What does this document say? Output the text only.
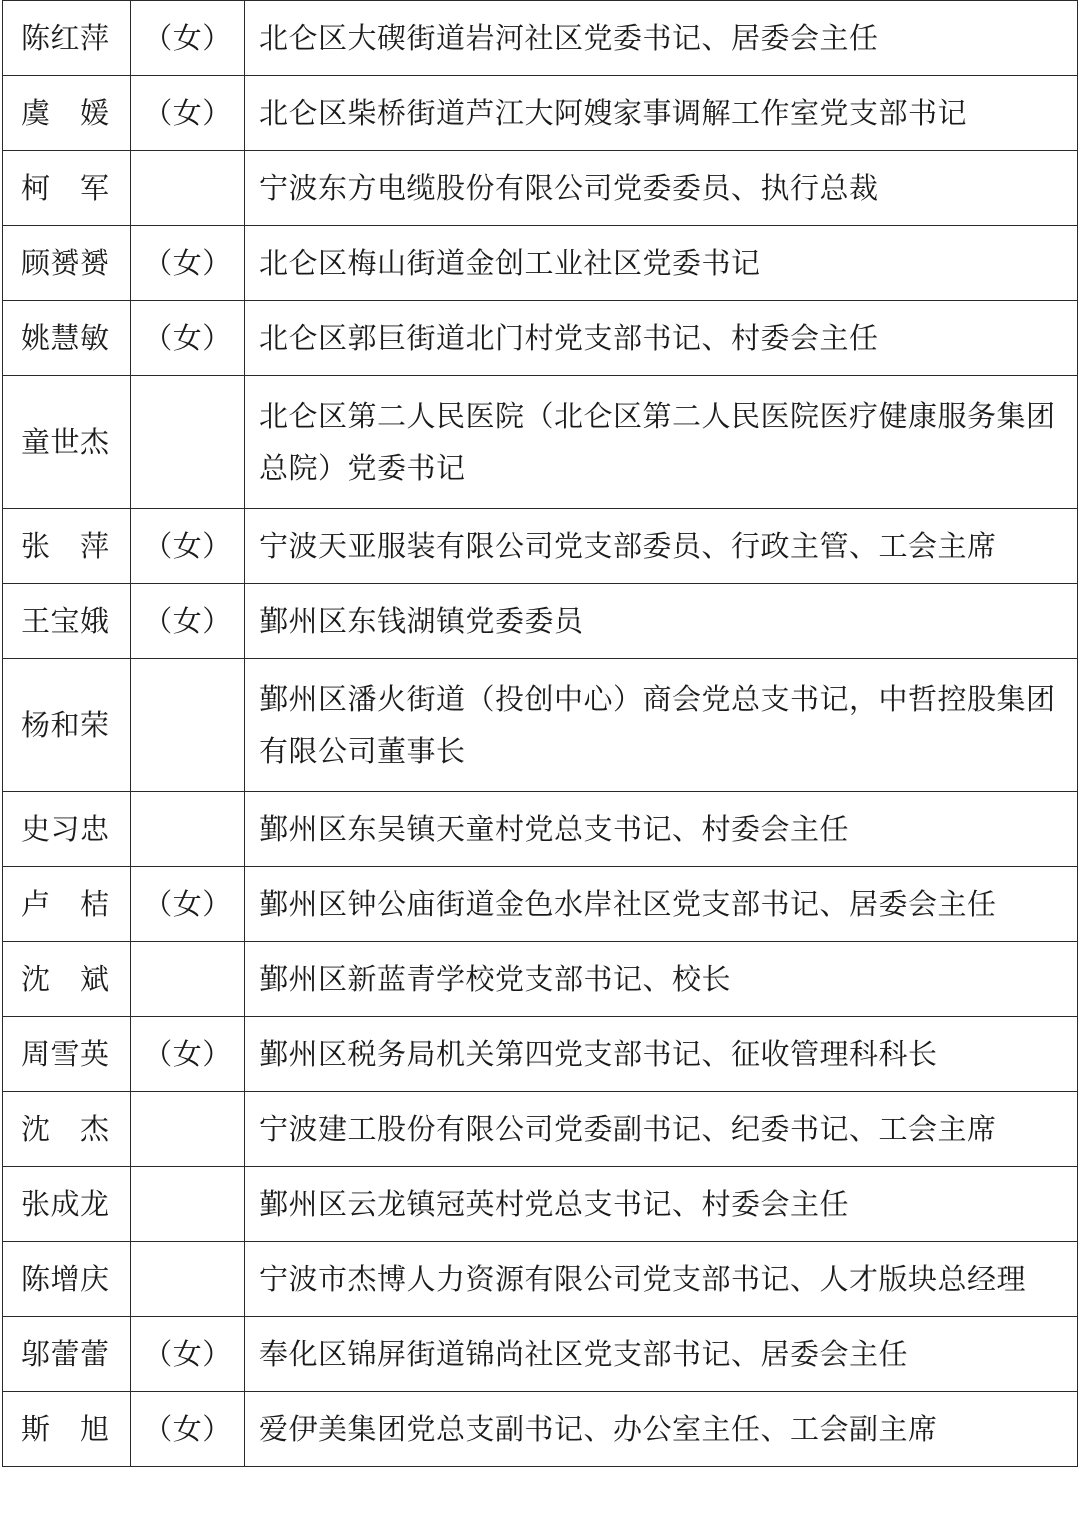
陈红萍	（女）	北仑区大碶街道岩河社区党委书记、居委会主任
虞　媛	（女）	北仑区柴桥街道芦江大阿嫂家事调解工作室党支部书记
柯　军		宁波东方电缆股份有限公司党委委员、执行总裁
顾赟赟	（女）	北仑区梅山街道金创工业社区党委书记
姚慧敏	（女）	北仑区郭巨街道北门村党支部书记、村委会主任
童世杰		北仑区第二人民医院（北仑区第二人民医院医疗健康服务集团总院）党委书记
张　萍	（女）	宁波天亚服装有限公司党支部委员、行政主管、工会主席
王宝娥	（女）	鄞州区东钱湖镇党委委员
杨和荣		鄞州区潘火街道（投创中心）商会党总支书记，中哲控股集团有限公司董事长
史习忠		鄞州区东吴镇天童村党总支书记、村委会主任
卢　桔	（女）	鄞州区钟公庙街道金色水岸社区党支部书记、居委会主任
沈　斌		鄞州区新蓝青学校党支部书记、校长
周雪英	（女）	鄞州区税务局机关第四党支部书记、征收管理科科长
沈　杰		宁波建工股份有限公司党委副书记、纪委书记、工会主席
张成龙		鄞州区云龙镇冠英村党总支书记、村委会主任
陈增庆		宁波市杰博人力资源有限公司党支部书记、人才版块总经理
邬蕾蕾	（女）	奉化区锦屏街道锦尚社区党支部书记、居委会主任
斯　旭	（女）	爱伊美集团党总支副书记、办公室主任、工会副主席
